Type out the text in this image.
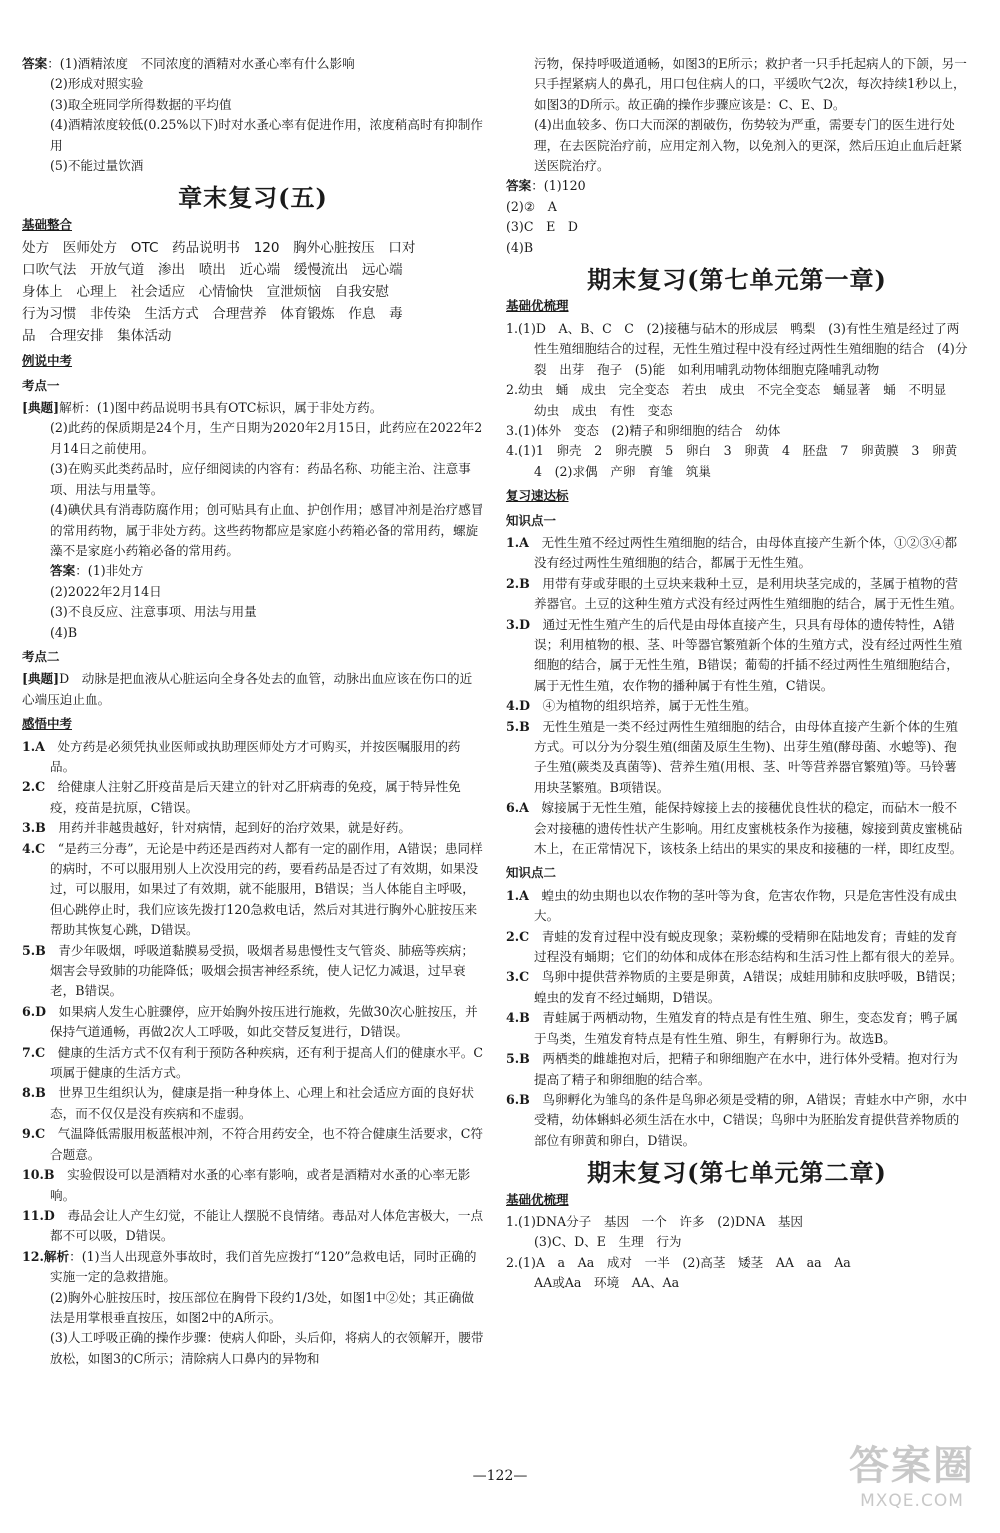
答案：(1)酒精浓度　不同浓度的酒精对水蚤心率有什么影响

(2)形成对照实验

(3)取全班同学所得数据的平均值

(4)酒精浓度较低(0.25%以下)时对水蚤心率有促进作用，浓度稍高时有抑制作用

(5)不能过量饮酒

章末复习(五)
基础整合

处方　医师处方　OTC　药品说明书　120　胸外心脏按压　口对

口吹气法　开放气道　渗出　喷出　近心端　缓慢流出　远心端

身体上　心理上　社会适应　心情愉快　宣泄烦恼　自我安慰

行为习惯　非传染　生活方式　合理营养　体育锻炼　作息　毒

品　合理安排　集体活动

例说中考
考点一

[典题]解析：(1)图中药品说明书具有OTC标识，属于非处方药。

(2)此药的保质期是24个月，生产日期为2020年2月15日，此药应在2022年2月14日之前使用。

(3)在购买此类药品时，应仔细阅读的内容有：药品名称、功能主治、注意事项、用法与用量等。

(4)碘伏具有消毒防腐作用；创可贴具有止血、护创作用；感冒冲剂是治疗感冒的常用药物，属于非处方药。这些药物都应是家庭小药箱必备的常用药，螺旋藻不是家庭小药箱必备的常用药。

答案：(1)非处方

(2)2022年2月14日

(3)不良反应、注意事项、用法与用量

(4)B

考点二

[典题]D　动脉是把血液从心脏运向全身各处去的血管，动脉出血应该在伤口的近心端压迫止血。

感悟中考

1.A　 处方药是必须凭执业医师或执助理医师处方才可购买，并按医嘱服用的药品。

2.C　 给健康人注射乙肝疫苗是后天建立的针对乙肝病毒的免疫，属于特异性免疫，疫苗是抗原，C错误。

3.B　 用药并非越贵越好，针对病情，起到好的治疗效果，就是好药。

4.C　 “是药三分毒”，无论是中药还是西药对人都有一定的副作用，A错误；患同样的病时，不可以服用别人上次没用完的药，要看药品是否过了有效期，如果没过，可以服用，如果过了有效期，就不能服用，B错误；当人体能自主呼吸，但心跳停止时，我们应该先拨打120急救电话，然后对其进行胸外心脏按压来帮助其恢复心跳，D错误。

5.B　 青少年吸烟，呼吸道黏膜易受损，吸烟者易患慢性支气管炎、肺癌等疾病；烟害会导致肺的功能降低；吸烟会损害神经系统，使人记忆力减退，过早衰老，B错误。

6.D　 如果病人发生心脏骤停，应开始胸外按压进行施救，先做30次心脏按压，并保持气道通畅，再做2次人工呼吸，如此交替反复进行，D错误。

7.C　 健康的生活方式不仅有利于预防各种疾病，还有利于提高人们的健康水平。C项属于健康的生活方式。

8.B　 世界卫生组织认为，健康是指一种身体上、心理上和社会适应方面的良好状态，而不仅仅是没有疾病和不虚弱。

9.C　 气温降低需服用板蓝根冲剂，不符合用药安全，也不符合健康生活要求，C符合题意。

10.B　 实验假设可以是酒精对水蚤的心率有影响，或者是酒精对水蚤的心率无影响。

11.D　 毒品会让人产生幻觉，不能让人摆脱不良情绪。毒品对人体危害极大，一点都不可以吸，D错误。

12.解析：(1)当人出现意外事故时，我们首先应拨打“120”急救电话，同时正确的实施一定的急救措施。

(2)胸外心脏按压时，按压部位在胸骨下段约1/3处，如图1中②处；其正确做法是用掌根垂直按压，如图2中的A所示。

(3)人工呼吸正确的操作步骤：使病人仰卧，头后仰，将病人的衣领解开，腰带放松，如图3的C所示；清除病人口鼻内的异物和

污物，保持呼吸道通畅，如图3的E所示；救护者一只手托起病人的下颌，另一只手捏紧病人的鼻孔，用口包住病人的口，平缓吹气2次，每次持续1秒以上，如图3的D所示。故正确的操作步骤应该是：C、E、D。

(4)出血较多、伤口大而深的割破伤，伤势较为严重，需要专门的医生进行处理，在去医院治疗前，应用定剂入物，以免剂入的更深，然后压迫止血后赶紧送医院治疗。

答案：(1)120

(2)②　A

(3)C　E　D

(4)B

期末复习(第七单元第一章)
基础优梳理

1.(1)D　A、B、C　C　(2)接穗与砧木的形成层　鸭梨　(3)有性生殖是经过了两性生殖细胞结合的过程，无性生殖过程中没有经过两性生殖细胞的结合　(4)分裂　出芽　孢子　(5)能　如利用哺乳动物体细胞克隆哺乳动物

2.幼虫　蛹　成虫　完全变态　若虫　成虫　不完全变态　蛹显著　蛹　不明显　幼虫　成虫　有性　变态

3.(1)体外　变态　(2)精子和卵细胞的结合　幼体

4.(1)1　卵壳　2　卵壳膜　5　卵白　3　卵黄　4　胚盘　7　卵黄膜　3　卵黄　4　(2)求偶　产卵　育雏　筑巢

复习速达标
知识点一

1.A　 无性生殖不经过两性生殖细胞的结合，由母体直接产生新个体，①②③④都没有经过两性生殖细胞的结合，都属于无性生殖。

2.B　 用带有芽或芽眼的土豆块来栽种土豆，是利用块茎完成的，茎属于植物的营养器官。土豆的这种生殖方式没有经过两性生殖细胞的结合，属于无性生殖。

3.D　 通过无性生殖产生的后代是由母体直接产生，只具有母体的遗传特性，A错误；利用植物的根、茎、叶等器官繁殖新个体的生殖方式，没有经过两性生殖细胞的结合，属于无性生殖，B错误；葡萄的扦插不经过两性生殖细胞结合，属于无性生殖，农作物的播种属于有性生殖，C错误。

4.D　 ④为植物的组织培养，属于无性生殖。

5.B　 无性生殖是一类不经过两性生殖细胞的结合，由母体直接产生新个体的生殖方式。可以分为分裂生殖(细菌及原生生物)、出芽生殖(酵母菌、水螅等)、孢子生殖(蕨类及真菌等)、营养生殖(用根、茎、叶等营养器官繁殖)等。马铃薯用块茎繁殖。B项错误。

6.A　 嫁接属于无性生殖，能保持嫁接上去的接穗优良性状的稳定，而砧木一般不会对接穗的遗传性状产生影响。用红皮蜜桃枝条作为接穗，嫁接到黄皮蜜桃砧木上，在正常情况下，该枝条上结出的果实的果皮和接穗的一样，即红皮型。

知识点二

1.A　 蝗虫的幼虫期也以农作物的茎叶等为食，危害农作物，只是危害性没有成虫大。

2.C　 青蛙的发育过程中没有蜕皮现象；菜粉蝶的受精卵在陆地发育；青蛙的发育过程没有蛹期；它们的幼体和成体在形态结构和生活习性上都有很大的差异。

3.C　 鸟卵中提供营养物质的主要是卵黄，A错误；成蛙用肺和皮肤呼吸，B错误；蝗虫的发育不经过蛹期，D错误。

4.B　 青蛙属于两栖动物，生殖发育的特点是有性生殖、卵生，变态发育；鸭子属于鸟类，生殖发育特点是有性生殖、卵生，有孵卵行为。故选B。

5.B　 两栖类的雌雄抱对后，把精子和卵细胞产在水中，进行体外受精。抱对行为提高了精子和卵细胞的结合率。

6.B　 鸟卵孵化为雏鸟的条件是鸟卵必须是受精的卵，A错误；青蛙水中产卵，水中受精，幼体蝌蚪必须生活在水中，C错误；鸟卵中为胚胎发育提供营养物质的部位有卵黄和卵白，D错误。

期末复习(第七单元第二章)
基础优梳理

1.(1)DNA分子　基因　一个　许多　(2)DNA　基因

(3)C、D、E　生理　行为

2.(1)A　a　Aa　成对　一半　(2)高茎　矮茎　AA　aa　Aa

AA或Aa　环境　AA、Aa

—122—	答案圈
MXQE.COM
